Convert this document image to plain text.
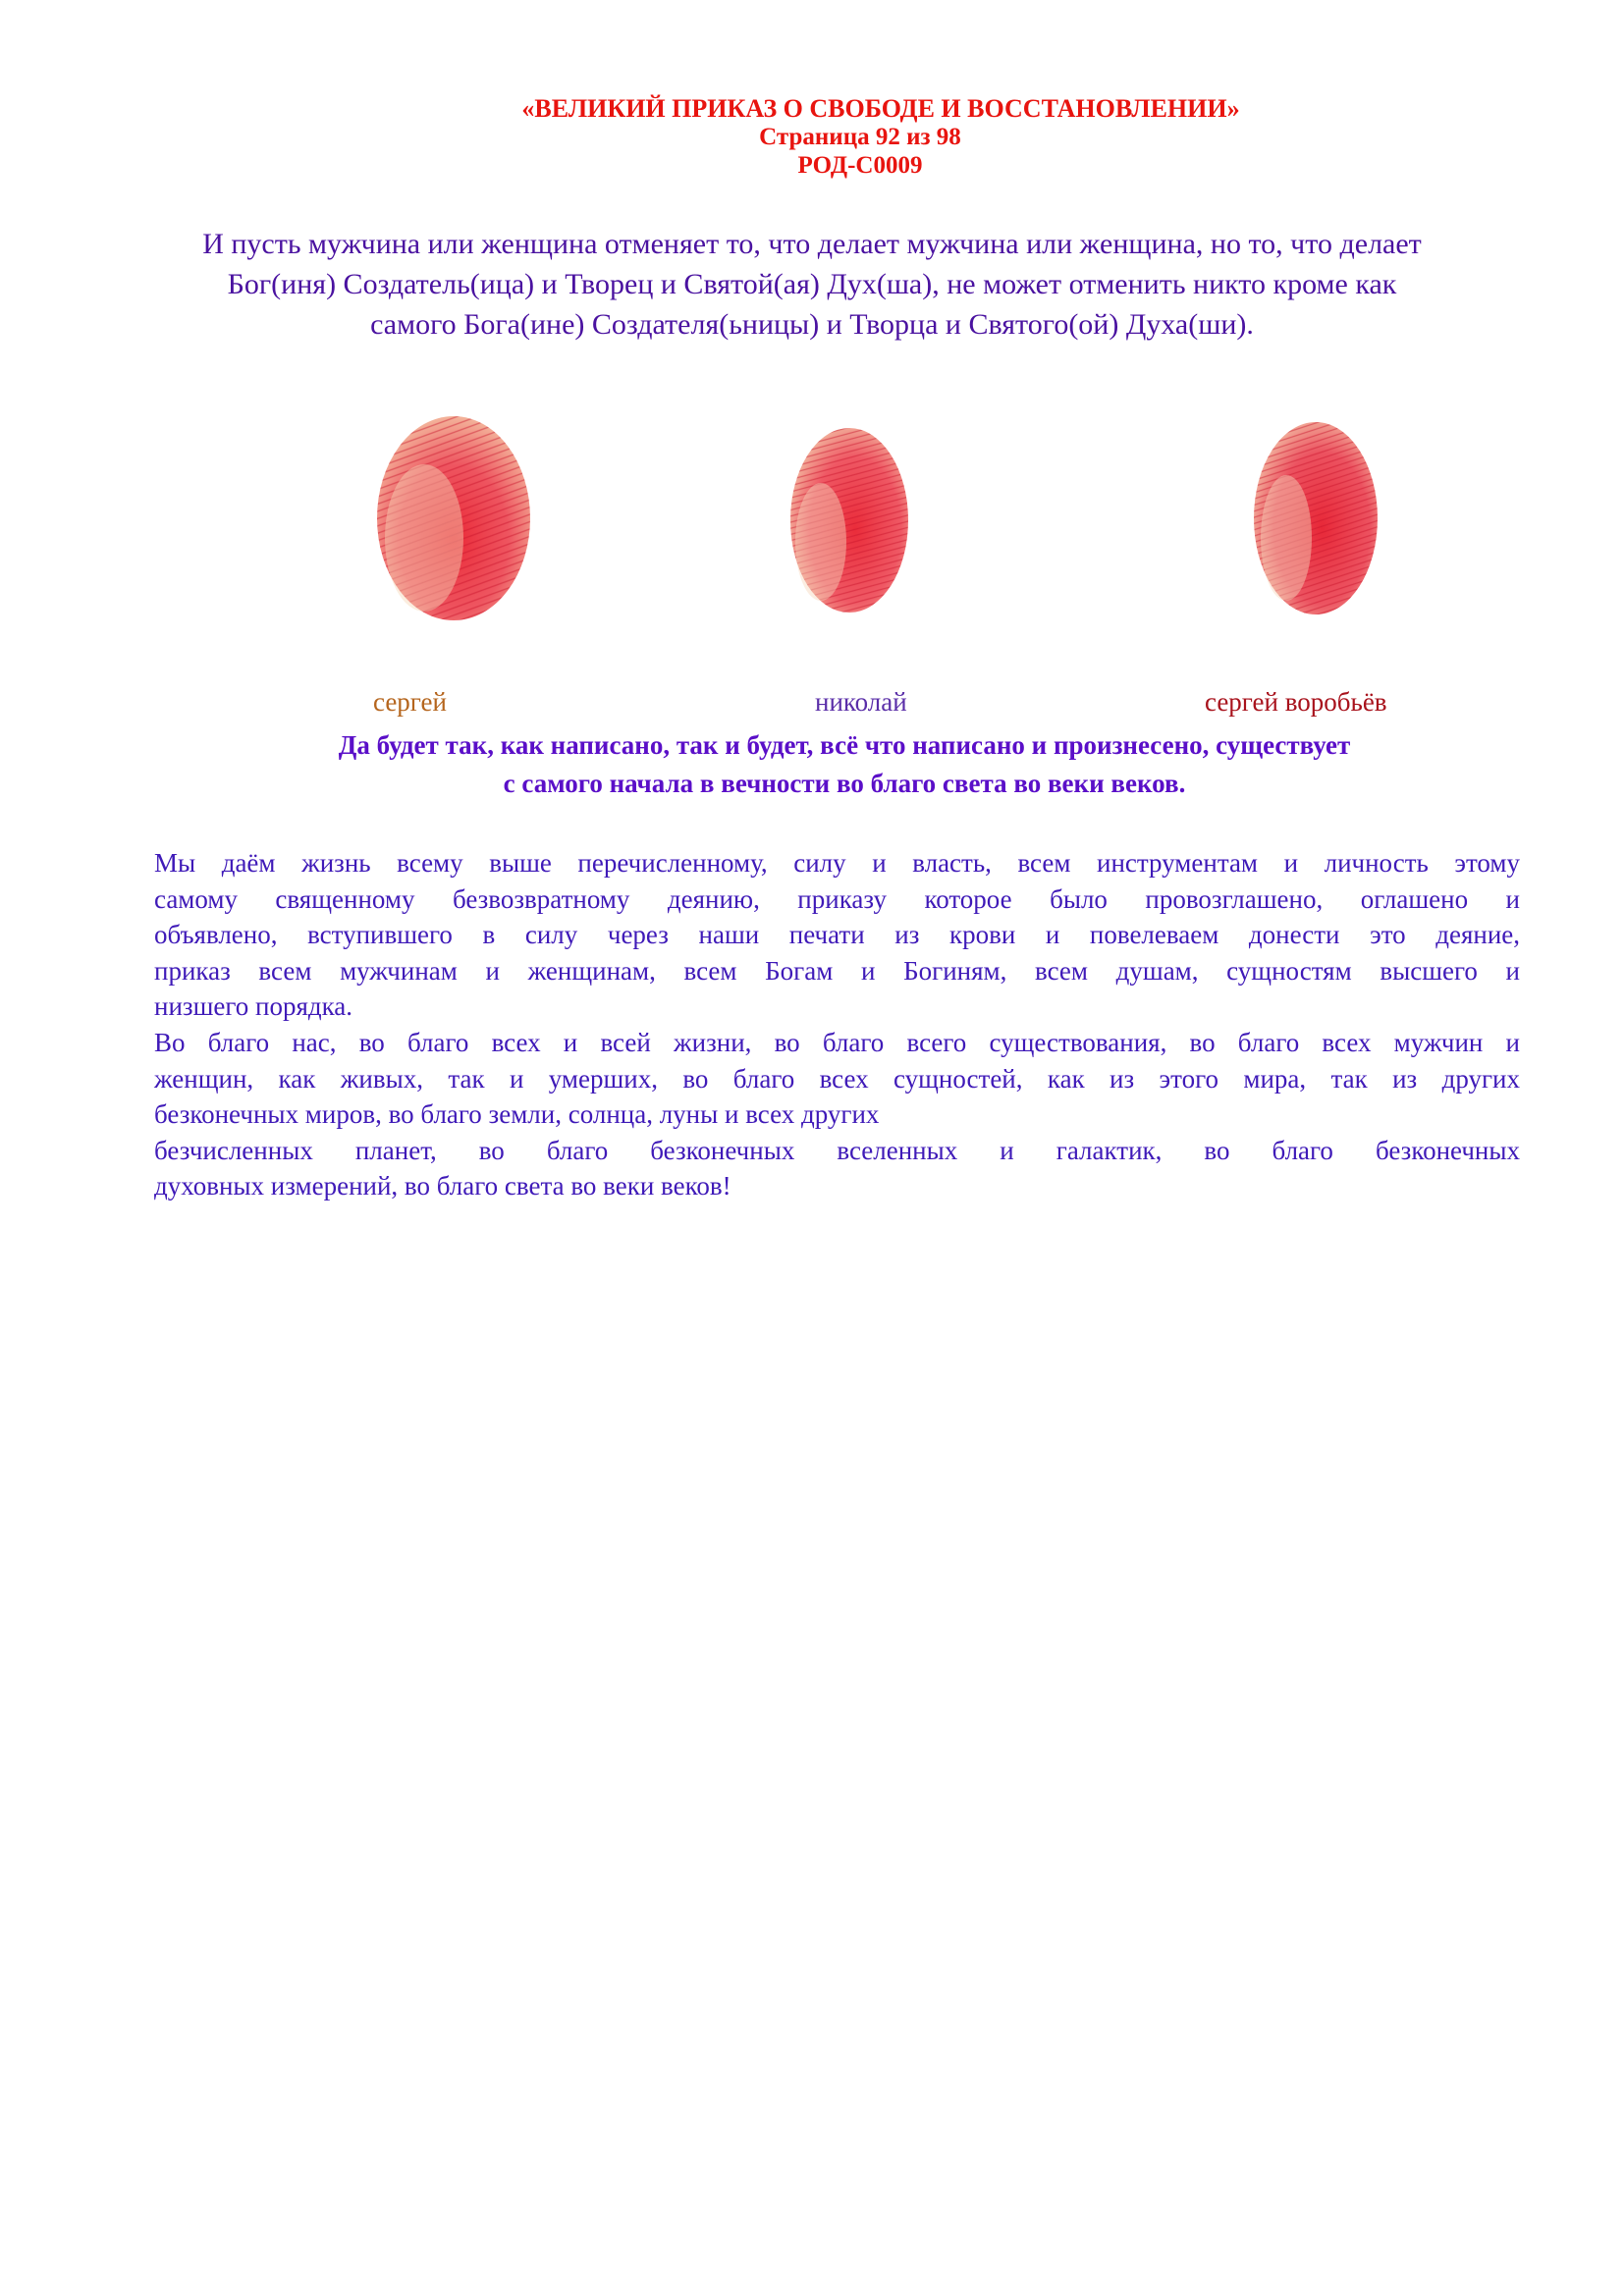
«ВЕЛИКИЙ ПРИКАЗ О СВОБОДЕ И ВОССТАНОВЛЕНИИ»
Страница 92 из 98
РОД-С0009
И пусть мужчина или женщина отменяет то, что делает мужчина или женщина, но то, что делает
Бог(иня) Создатель(ица) и Творец и Святой(ая) Дух(ша), не может отменить никто кроме как
самого Бога(ине) Создателя(ьницы) и Творца и Святого(ой) Духа(ши).
сергей	николай	сергей воробьёв
Да будет так, как написано, так и будет, всё что написано и произнесено, существует
с самого начала в вечности во благо света во веки веков.
Мы даём жизнь всему выше перечисленному, силу и власть, всем инструментам и личность этому
самому священному безвозвратному деянию, приказу которое было провозглашено, оглашено и
объявлено, вступившего в силу через наши печати из крови и повелеваем донести это деяние,
приказ всем мужчинам и женщинам, всем Богам и Богиням, всем душам, сущностям высшего и
низшего порядка.
Во благо нас, во благо всех и всей жизни, во благо всего существования, во благо всех мужчин и
женщин, как живых, так и умерших, во благо всех сущностей, как из этого мира, так из других
безконечных миров, во благо земли, солнца, луны и всех других
безчисленных планет, во благо безконечных вселенных и галактик, во благо безконечных
духовных измерений, во благо света во веки веков!
